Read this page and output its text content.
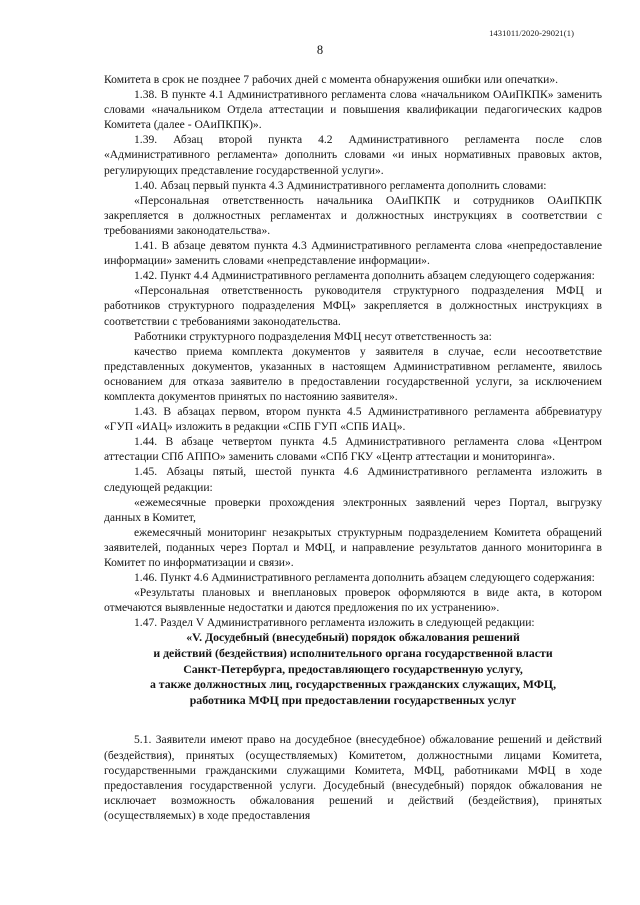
1431011/2020-29021(1)
8

Комитета в срок не позднее 7 рабочих дней с момента обнаружения ошибки или опечатки».

1.38. В пункте 4.1 Административного регламента слова «начальником ОАиПКПК» заменить словами «начальником Отдела аттестации и повышения квалификации педагогических кадров Комитета (далее - ОАиПКПК)».

1.39. Абзац второй пункта 4.2 Административного регламента после слов «Административного регламента» дополнить словами «и иных нормативных правовых актов, регулирующих представление государственной услуги».

1.40. Абзац первый пункта 4.3 Административного регламента дополнить словами:

«Персональная ответственность начальника ОАиПКПК и сотрудников ОАиПКПК закрепляется в должностных регламентах и должностных инструкциях в соответствии с требованиями законодательства».

1.41. В абзаце девятом пункта 4.3 Административного регламента слова «непредоставление информации» заменить словами «непредставление информации».

1.42. Пункт 4.4 Административного регламента дополнить абзацем следующего содержания:

«Персональная ответственность руководителя структурного подразделения МФЦ и работников структурного подразделения МФЦ» закрепляется в должностных инструкциях в соответствии с требованиями законодательства.

Работники структурного подразделения МФЦ несут ответственность за:

качество приема комплекта документов у заявителя в случае, если несоответствие представленных документов, указанных в настоящем Административном регламенте, явилось основанием для отказа заявителю в предоставлении государственной услуги, за исключением комплекта документов принятых по настоянию заявителя».

1.43. В абзацах первом, втором пункта 4.5 Административного регламента аббревиатуру «ГУП «ИАЦ» изложить в редакции «СПБ ГУП «СПБ ИАЦ».

1.44. В абзаце четвертом пункта 4.5 Административного регламента слова «Центром аттестации СПб АППО» заменить словами «СПб ГКУ «Центр аттестации и мониторинга».

1.45. Абзацы пятый, шестой пункта 4.6 Административного регламента изложить в следующей редакции:

«ежемесячные проверки прохождения электронных заявлений через Портал, выгрузку данных в Комитет,

ежемесячный мониторинг незакрытых структурным подразделением Комитета обращений заявителей, поданных через Портал и МФЦ, и направление результатов данного мониторинга в Комитет по информатизации и связи».

1.46. Пункт 4.6 Административного регламента дополнить абзацем следующего содержания:

«Результаты плановых и внеплановых проверок оформляются в виде акта, в котором отмечаются выявленные недостатки и даются предложения по их устранению».

1.47. Раздел V Административного регламента изложить в следующей редакции:

«V. Досудебный (внесудебный) порядок обжалования решений
и действий (бездействия) исполнительного органа государственной власти
Санкт-Петербурга, предоставляющего государственную услугу,
а также должностных лиц, государственных гражданских служащих, МФЦ,
работника МФЦ при предоставлении государственных услуг

5.1. Заявители имеют право на досудебное (внесудебное) обжалование решений и действий (бездействия), принятых (осуществляемых) Комитетом, должностными лицами Комитета, государственными гражданскими служащими Комитета, МФЦ, работниками МФЦ в ходе предоставления государственной услуги. Досудебный (внесудебный) порядок обжалования не исключает возможность обжалования решений и действий (бездействия), принятых (осуществляемых) в ходе предоставления
